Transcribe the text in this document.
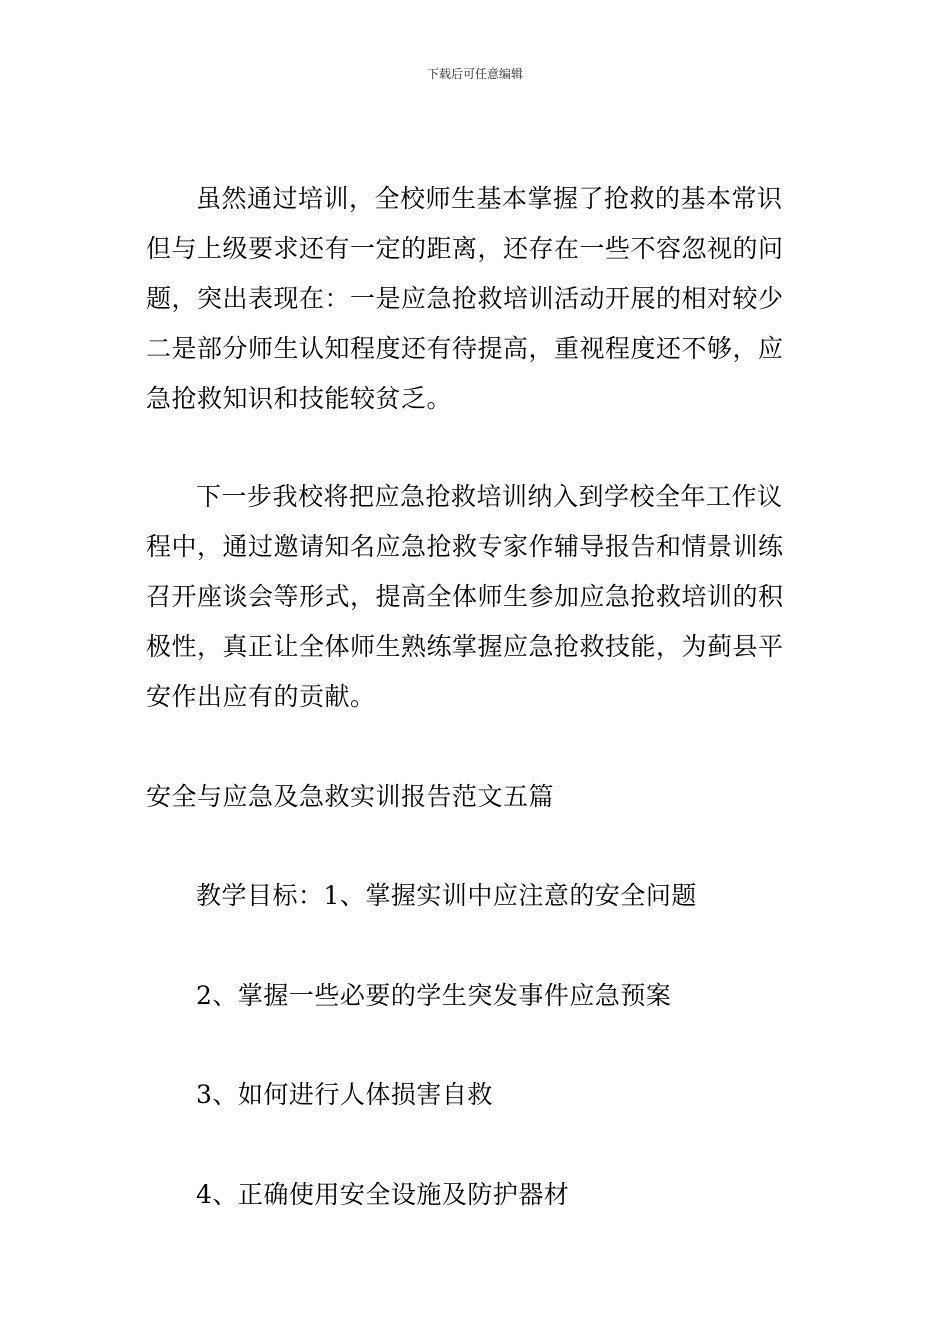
下载后可任意编辑
虽然通过培训，全校师生基本掌握了抢救的基本常识
但与上级要求还有一定的距离，还存在一些不容忽视的问
题，突出表现在：一是应急抢救培训活动开展的相对较少
二是部分师生认知程度还有待提高，重视程度还不够，应
急抢救知识和技能较贫乏。
下一步我校将把应急抢救培训纳入到学校全年工作议
程中，通过邀请知名应急抢救专家作辅导报告和情景训练
召开座谈会等形式，提高全体师生参加应急抢救培训的积
极性，真正让全体师生熟练掌握应急抢救技能，为蓟县平
安作出应有的贡献。
安全与应急及急救实训报告范文五篇
教学目标：1、掌握实训中应注意的安全问题
2、掌握一些必要的学生突发事件应急预案
3、如何进行人体损害自救
4、正确使用安全设施及防护器材
